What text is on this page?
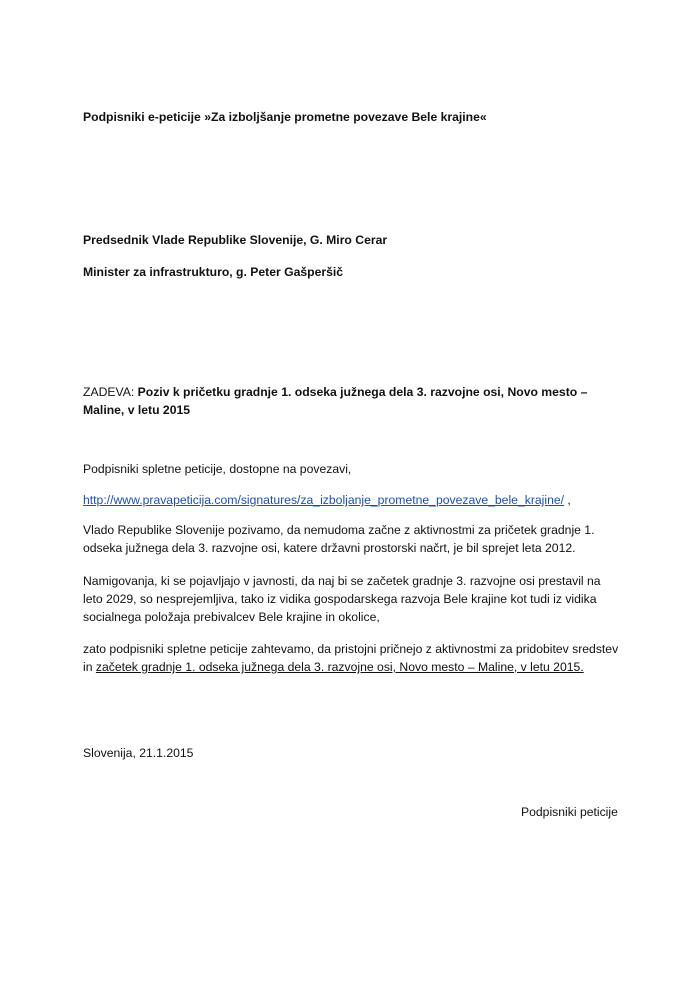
Podpisniki e-peticije »Za izboljšanje prometne povezave Bele krajine«
Predsednik Vlade Republike Slovenije, G. Miro Cerar
Minister za infrastrukturo, g. Peter Gašperšič
ZADEVA: Poziv k pričetku gradnje 1. odseka južnega dela 3. razvojne osi, Novo mesto – Maline, v letu 2015
Podpisniki spletne peticije, dostopne na povezavi,
http://www.pravapeticija.com/signatures/za_izboljanje_prometne_povezave_bele_krajine/ ,
Vlado Republike Slovenije pozivamo, da nemudoma začne z aktivnostmi za pričetek gradnje 1. odseka južnega dela 3. razvojne osi, katere državni prostorski načrt, je bil sprejet leta 2012.
Namigovanja, ki se pojavljajo v javnosti, da naj bi se začetek gradnje 3. razvojne osi prestavil na leto 2029, so nesprejemljiva, tako iz vidika gospodarskega razvoja Bele krajine kot tudi iz vidika socialnega položaja prebivalcev Bele krajine in okolice,
zato podpisniki spletne peticije zahtevamo, da pristojni pričnejo z aktivnostmi za pridobitev sredstev in začetek gradnje 1. odseka južnega dela 3. razvojne osi, Novo mesto – Maline, v letu 2015.
Slovenija, 21.1.2015
Podpisniki peticije
